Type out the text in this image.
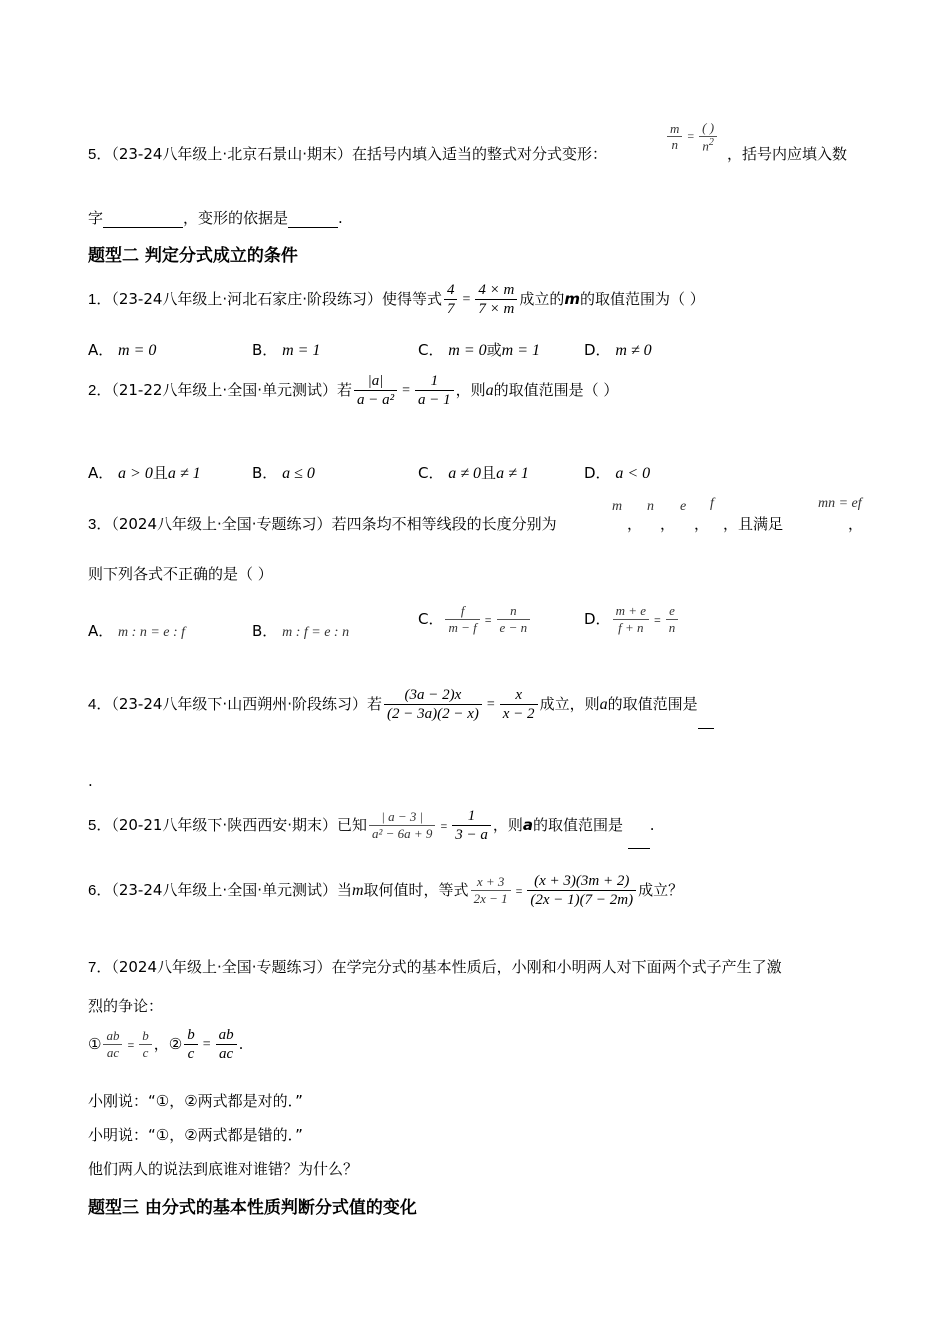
5．（23-24八年级上·北京石景山·期末）在括号内填入适当的整式对分式变形：
$\frac{m}{n} = \frac{( )}{n^2}$
，括号内应填入数
字	，变形的依据是	.
题型二 判定分式成立的条件
1．（23-24八年级上·河北石家庄·阶段练习）使得等式 $\frac{4}{7} = \frac{4 \times m}{7 \times m}$ 成立的m的取值范围为（ ）
A． m = 0	B． m = 1	C． m = 0或m = 1	D． m ≠ 0
2．（21-22八年级上·全国·单元测试）若 $\frac{|a|}{\text{a − a²}} = \frac{1}{a - 1}$ ，则a的取值范围是（ ）
A． a > 0且a ≠ 1	B． a ≤ 0	C． a ≠ 0且a ≠ 1	D． a < 0
3．（2024八年级上·全国·专题练习）若四条均不相等线段的长度分别为
m
，
n
，
e
，
f
，且满足
mn = ef
，
则下列各式不正确的是（ ）
A． m : n = e : f	B． m : f = e : n
C． $\frac{f}{m - f} = \frac{n}{e - n}$	D． $\frac{m + e}{f + n} = \frac{e}{n}$
4．（23-24八年级下·山西朔州·阶段练习）若 $\frac{(3a - 2)x}{(2 - 3a)(2 - x)} = \frac{x}{x - 2}$ 成立，则a的取值范围是
.
5．（20-21八年级下·陕西西安·期末）已知 $\frac{| a - 3 |}{\text{a² − 6a + 9}} = \frac{1}{3 - a}$ ，则a的取值范围是 .
6．（23-24八年级上·全国·单元测试）当m取何值时，等式 $\frac{x + 3}{2x - 1} = \frac{(x + 3)(3m + 2)}{(2x - 1)(7 - 2m)}$ 成立？
7．（2024八年级上·全国·专题练习）在学完分式的基本性质后，小刚和小明两人对下面两个式子产生了激
烈的争论：
① $\frac{ab}{ac} = \frac{b}{c}$ ，② $\frac{b}{c} = \frac{ab}{ac}$ .
小刚说：“①，②两式都是对的．”
小明说：“①，②两式都是错的．”
他们两人的说法到底谁对谁错？为什么？
题型三 由分式的基本性质判断分式值的变化
